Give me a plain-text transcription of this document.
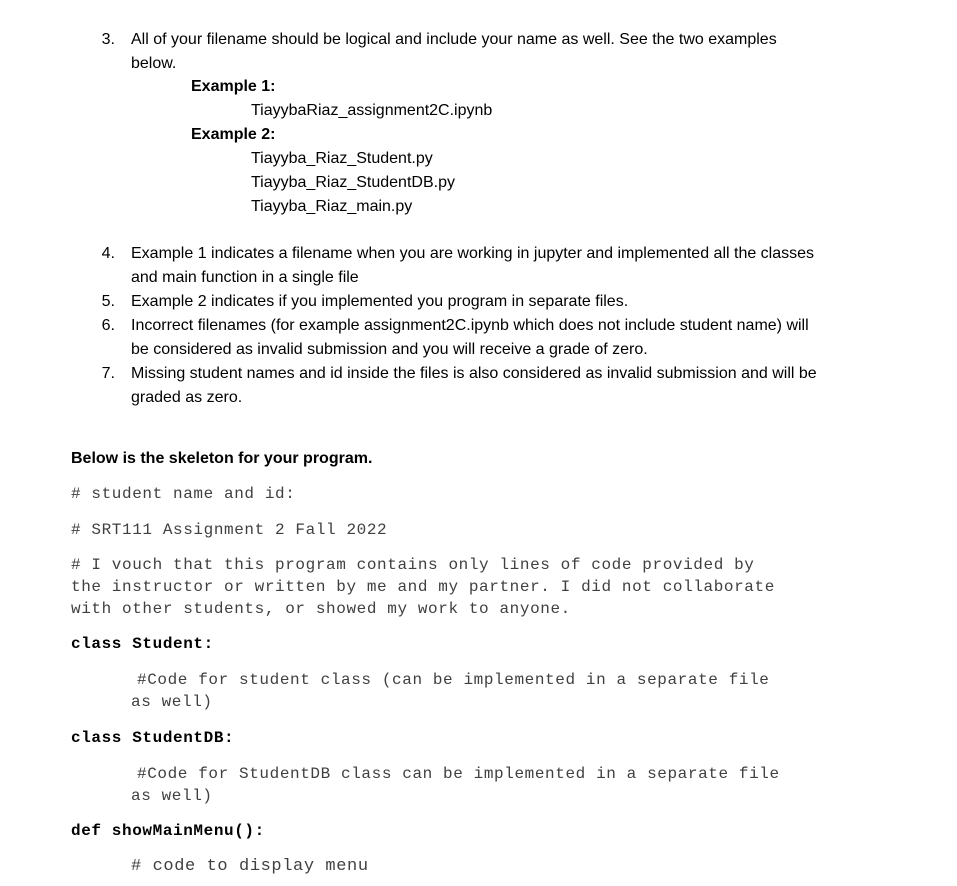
3. All of your filename should be logical and include your name as well. See the two examples
below.
Example 1:
TiayybaRiaz_assignment2C.ipynb
Example 2:
Tiayyba_Riaz_Student.py
Tiayyba_Riaz_StudentDB.py
Tiayyba_Riaz_main.py
4. Example 1 indicates a filename when you are working in jupyter and implemented all the classes
and main function in a single file
5. Example 2 indicates if you implemented you program in separate files.
6. Incorrect filenames (for example assignment2C.ipynb which does not include student name) will
be considered as invalid submission and you will receive a grade of zero.
7. Missing student names and id inside the files is also considered as invalid submission and will be
graded as zero.
Below is the skeleton for your program.
# student name and id:
# SRT111 Assignment 2 Fall 2022
# I vouch that this program contains only lines of code provided by
the instructor or written by me and my partner. I did not collaborate
with other students, or showed my work to anyone.
class Student:
#Code for student class (can be implemented in a separate file
as well)
class StudentDB:
#Code for StudentDB class can be implemented in a separate file
as well)
def showMainMenu():
# code to display menu
